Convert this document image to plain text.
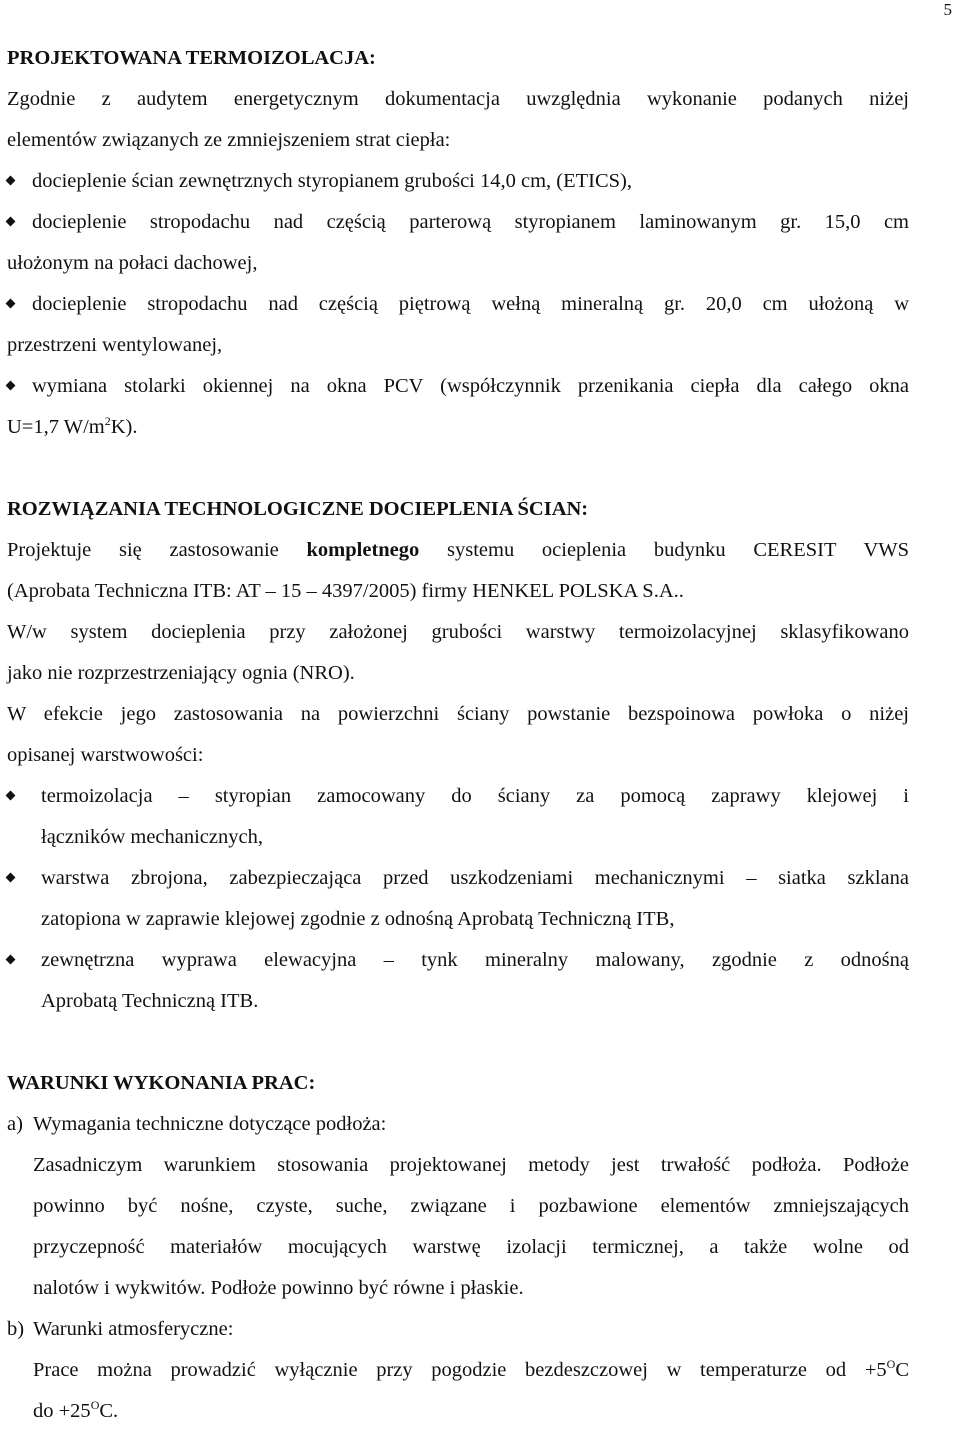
5
PROJEKTOWANA TERMOIZOLACJA:
Zgodnie z audytem energetycznym dokumentacja uwzględnia wykonanie podanych niżej
elementów związanych ze zmniejszeniem strat ciepła:
docieplenie ścian zewnętrznych styropianem grubości 14,0 cm, (ETICS),
docieplenie stropodachu nad częścią parterową styropianem laminowanym gr. 15,0 cm
ułożonym na połaci dachowej,
docieplenie stropodachu nad częścią piętrową wełną mineralną gr. 20,0 cm ułożoną w
przestrzeni wentylowanej,
wymiana stolarki okiennej na okna PCV (współczynnik przenikania ciepła dla całego okna
U=1,7 $W/m^2K$).
ROZWIĄZANIA TECHNOLOGICZNE DOCIEPLENIA ŚCIAN:
Projektuje się zastosowanie kompletnego systemu ocieplenia budynku CERESIT VWS
(Aprobata Techniczna ITB: AT – 15 – 4397/2005) firmy HENKEL POLSKA S.A..
W/w system docieplenia przy założonej grubości warstwy termoizolacyjnej sklasyfikowano
jako nie rozprzestrzeniający ognia (NRO).
W efekcie jego zastosowania na powierzchni ściany powstanie bezspoinowa powłoka o niżej
opisanej warstwowości:
termoizolacja – styropian zamocowany do ściany za pomocą zaprawy klejowej i
łączników mechanicznych,
warstwa zbrojona, zabezpieczająca przed uszkodzeniami mechanicznymi – siatka szklana
zatopiona w zaprawie klejowej zgodnie z odnośną Aprobatą Techniczną ITB,
zewnętrzna wyprawa elewacyjna – tynk mineralny malowany, zgodnie z odnośną
Aprobatą Techniczną ITB.
WARUNKI WYKONANIA PRAC:
a) Wymagania techniczne dotyczące podłoża:
Zasadniczym warunkiem stosowania projektowanej metody jest trwałość podłoża. Podłoże
powinno być nośne, czyste, suche, związane i pozbawione elementów zmniejszających
przyczepność materiałów mocujących warstwę izolacji termicznej, a także wolne od
nalotów i wykwitów. Podłoże powinno być równe i płaskie.
b) Warunki atmosferyczne:
Prace można prowadzić wyłącznie przy pogodzie bezdeszczowej w temperaturze od $+5^OC$
do $+25^OC$.
